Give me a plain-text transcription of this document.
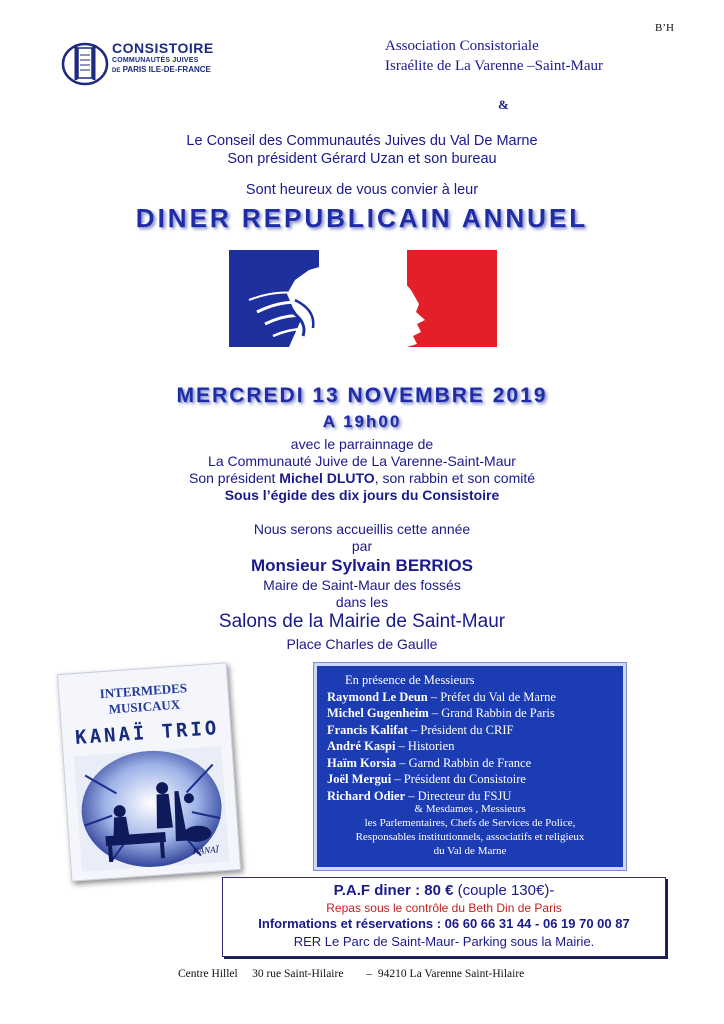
CONSISTOIRE
COMMUNAUTÉS JUIVES
DE PARIS ILE-DE-FRANCE
B’H
Association Consistoriale
Israélite de La Varenne –Saint-Maur
&
Le Conseil des Communautés Juives du Val De Marne
Son président Gérard Uzan et son bureau
Sont heureux de vous convier à leur
DINER REPUBLICAIN ANNUEL
MERCREDI 13 NOVEMBRE 2019
A 19h00
avec le parrainnage de
La Communauté Juive de La Varenne-Saint-Maur
Son président Michel DLUTO, son rabbin et son comité
Sous l’égide des dix jours du Consistoire
Nous serons accueillis cette année
par
Monsieur Sylvain BERRIOS
Maire de Saint-Maur des fossés
dans les
Salons de la Mairie de Saint-Maur
Place Charles de Gaulle
INTERMEDES
MUSICAUX
KANAÏ TRIO
KANAÏ
En présence de Messieurs
Raymond Le Deun – Préfet du Val de Marne
Michel Gugenheim – Grand Rabbin de Paris
Francis Kalifat – Président du CRIF
André Kaspi – Historien
Haïm Korsia – Garnd Rabbin de France
Joël Mergui – Président du Consistoire
Richard Odier – Directeur du FSJU
& Mesdames , Messieurs
les Parlementaires, Chefs de Services de Police,
Responsables institutionnels, associatifs et religieux
du Val de Marne
P.A.F diner : 80 € (couple 130€)-
Repas sous le contrôle du Beth Din de Paris
Informations et réservations : 06 60 66 31 44 - 06 19 70 00 87
RER Le Parc de Saint-Maur- Parking sous la Mairie.
Centre Hillel     30 rue Saint-Hilaire        –  94210 La Varenne Saint-Hilaire
